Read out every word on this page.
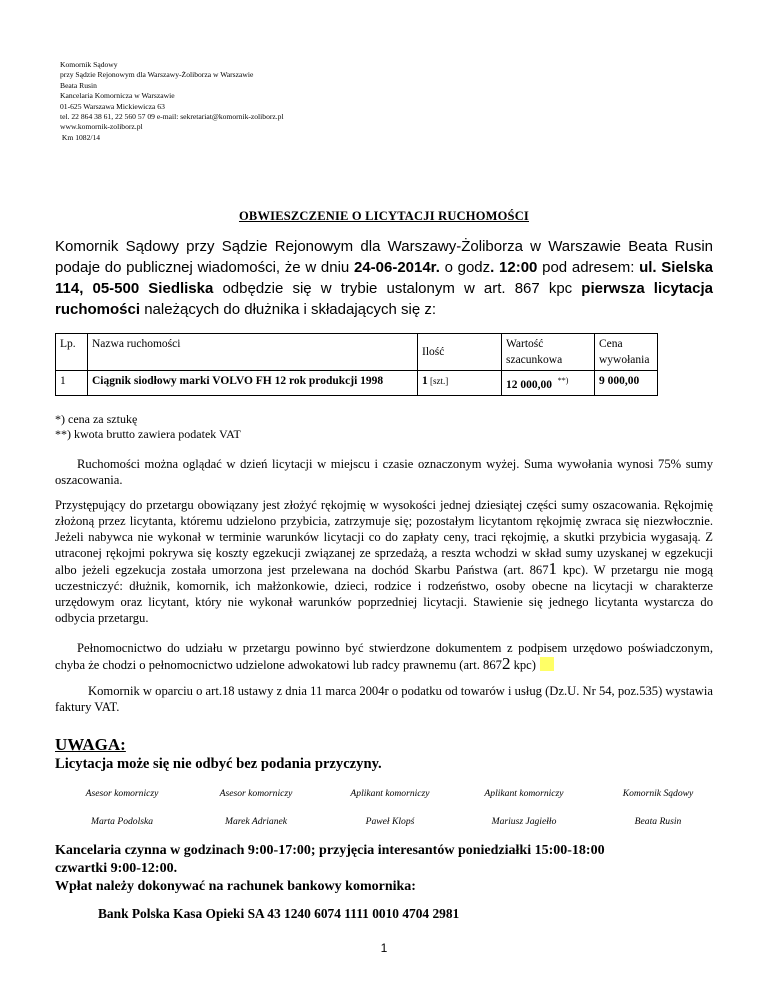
Komornik Sądowy
przy Sądzie Rejonowym dla Warszawy-Żoliborza w Warszawie
Beata Rusin
Kancelaria Komornicza w Warszawie
01-625 Warszawa Mickiewicza 63
tel. 22 864 38 61, 22 560 57 09 e-mail: sekretariat@komornik-zoliborz.pl
www.komornik-zoliborz.pl
Km 1082/14
OBWIESZCZENIE O LICYTACJI RUCHOMOŚCI
Komornik Sądowy przy Sądzie Rejonowym dla Warszawy-Żoliborza w Warszawie Beata Rusin podaje do publicznej wiadomości, że w dniu 24-06-2014r. o godz. 12:00 pod adresem: ul. Sielska 114, 05-500 Siedliska odbędzie się w trybie ustalonym w art. 867 kpc pierwsza licytacja ruchomości należących do dłużnika i składających się z:
Lp.	Nazwa ruchomości	Ilość	Wartość szacunkowa	Cena wywołania
1	Ciągnik siodłowy marki VOLVO FH 12 rok produkcji 1998	1 [szt.]	12 000,00 **)	9 000,00
*) cena za sztukę
**) kwota brutto zawiera podatek VAT
Ruchomości można oglądać w dzień licytacji w miejscu i czasie oznaczonym wyżej. Suma wywołania wynosi 75% sumy oszacowania.
Przystępujący do przetargu obowiązany jest złożyć rękojmię w wysokości jednej dziesiątej części sumy oszacowania. Rękojmię złożoną przez licytanta, któremu udzielono przybicia, zatrzymuje się; pozostałym licytantom rękojmię zwraca się niezwłocznie. Jeżeli nabywca nie wykonał w terminie warunków licytacji co do zapłaty ceny, traci rękojmię, a skutki przybicia wygasają. Z utraconej rękojmi pokrywa się koszty egzekucji związanej ze sprzedażą, a reszta wchodzi w skład sumy uzyskanej w egzekucji albo jeżeli egzekucja została umorzona jest przelewana na dochód Skarbu Państwa (art. 8671 kpc). W przetargu nie mogą uczestniczyć: dłużnik, komornik, ich małżonkowie, dzieci, rodzice i rodzeństwo, osoby obecne na licytacji w charakterze urzędowym oraz licytant, który nie wykonał warunków poprzedniej licytacji. Stawienie się jednego licytanta wystarcza do odbycia przetargu.
Pełnomocnictwo do udziału w przetargu powinno być stwierdzone dokumentem z podpisem urzędowo poświadczonym, chyba że chodzi o pełnomocnictwo udzielone adwokatowi lub radcy prawnemu (art. 8672 kpc)
Komornik w oparciu o art.18 ustawy z dnia 11 marca 2004r o podatku od towarów i usług (Dz.U. Nr 54, poz.535) wystawia faktury VAT.
UWAGA:
Licytacja może się nie odbyć bez podania przyczyny.
Asesor komorniczy	Asesor komorniczy	Aplikant komorniczy	Aplikant komorniczy	Komornik Sądowy
Marta Podolska	Marek Adrianek	Paweł Klopś	Mariusz Jagiełło	Beata Rusin
Kancelaria czynna w godzinach 9:00-17:00; przyjęcia interesantów poniedziałki 15:00-18:00
czwartki 9:00-12:00.
Wpłat należy dokonywać na rachunek bankowy komornika:
Bank Polska Kasa Opieki SA 43 1240 6074 1111 0010 4704 2981
1
